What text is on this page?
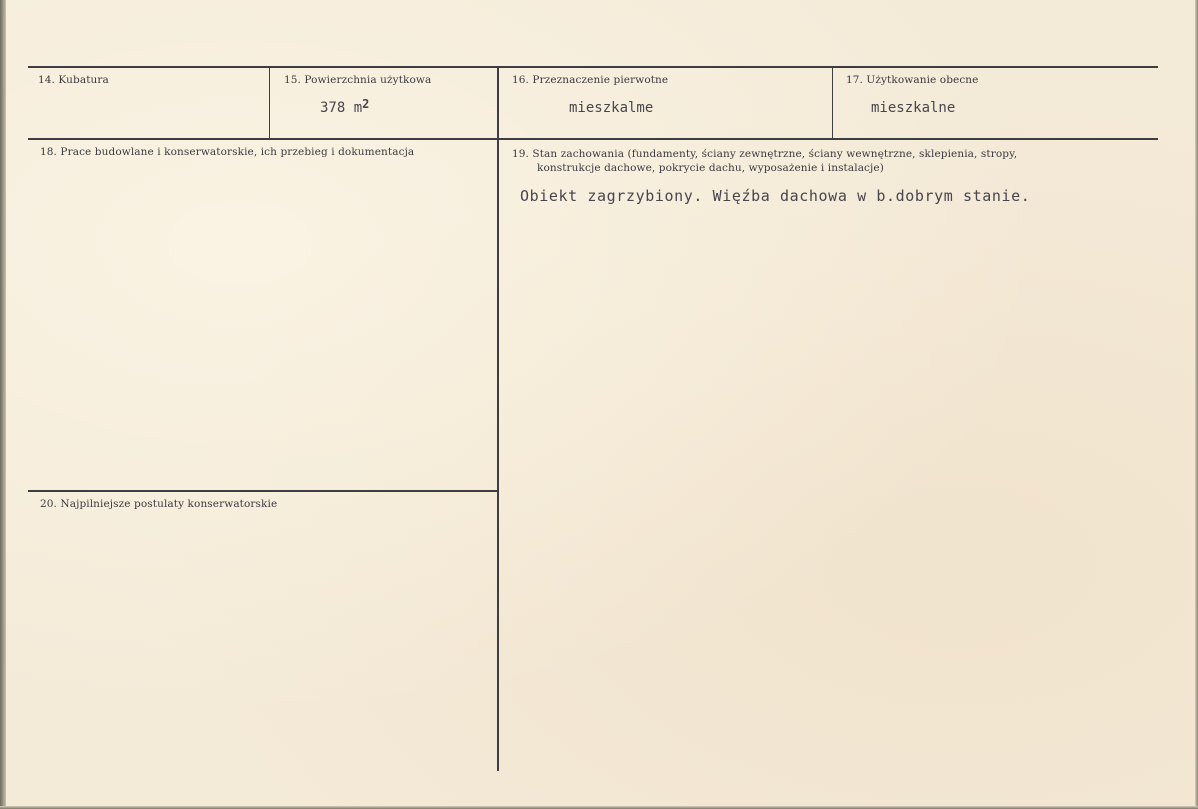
14. Kubatura	15. Powierzchnia użytkowa
378 $m^2$
16. Przeznaczenie pierwotne
mieszkalme
17. Użytkowanie obecne
mieszkalne
18. Prace budowlane i konserwatorskie, ich przebieg i dokumentacja	19. Stan zachowania (fundamenty, ściany zewnętrzne, ściany wewnętrzne, sklepienia, stropy,
konstrukcje dachowe, pokrycie dachu, wyposażenie i instalacje)
Obiekt zagrzybiony. Więźba dachowa w b.dobrym stanie.
20. Najpilniejsze postulaty konserwatorskie
